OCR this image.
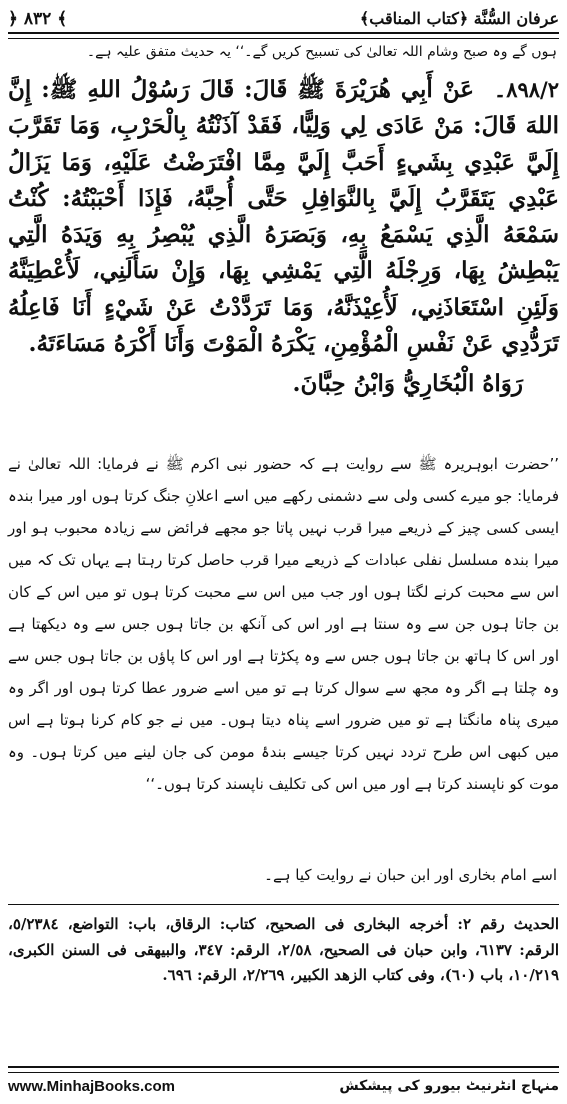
﴿ ٨٣٢ ﴾	عرفان السُّنَّة ﴿كتاب المناقب﴾
ہوں گے وہ صبح وشام اللہ تعالیٰ کی تسبیح کریں گے۔‘‘ یہ حدیث متفق علیہ ہے۔
٨٩٨/٢۔ عَنْ أَبِي هُرَيْرَةَ ﷺ قَالَ: قَالَ رَسُوْلُ اللهِ ﷺ: إِنَّ اللهَ قَالَ: مَنْ عَادَى لِي وَلِيًّا، فَقَدْ آذَنْتُهُ بِالْحَرْبِ، وَمَا تَقَرَّبَ إِلَيَّ عَبْدِي بِشَيءٍ أَحَبَّ إِلَيَّ مِمَّا افْتَرَضْتُ عَلَيْهِ، وَمَا يَزَالُ عَبْدِي يَتَقَرَّبُ إِلَيَّ بِالنَّوَافِلِ حَتَّى أُحِبَّهُ، فَإِذَا أَحْبَبْتُهُ: كُنْتُ سَمْعَهُ الَّذِي يَسْمَعُ بِهِ، وَبَصَرَهُ الَّذِي يُبْصِرُ بِهِ وَيَدَهُ الَّتِي يَبْطِشُ بِهَا، وَرِجْلَهُ الَّتِي يَمْشِي بِهَا، وَإِنْ سَأَلَنِي، لَأُعْطِيَنَّهُ وَلَئِنِ اسْتَعَاذَنِي، لَأُعِيْذَنَّهُ، وَمَا تَرَدَّدْتُ عَنْ شَيْءٍ أَنَا فَاعِلُهُ تَرَدُّدِي عَنْ نَفْسِ الْمُؤْمِنِ، يَكْرَهُ الْمَوْتَ وَأَنَا أَكْرَهُ مَسَاءَتَهُ.
رَوَاهُ الْبُخَارِيُّ وَابْنُ حِبَّانَ.
’’حضرت ابوہریرہ ﷺ سے روایت ہے کہ حضور نبی اکرم ﷺ نے فرمایا: اللہ تعالیٰ نے فرمایا: جو میرے کسی ولی سے دشمنی رکھے میں اسے اعلانِ جنگ کرتا ہوں اور میرا بندہ ایسی کسی چیز کے ذریعے میرا قرب نہیں پاتا جو مجھے فرائض سے زیادہ محبوب ہو اور میرا بندہ مسلسل نفلی عبادات کے ذریعے میرا قرب حاصل کرتا رہتا ہے یہاں تک کہ میں اس سے محبت کرنے لگتا ہوں اور جب میں اس سے محبت کرتا ہوں تو میں اس کے کان بن جاتا ہوں جن سے وہ سنتا ہے اور اس کی آنکھ بن جاتا ہوں جس سے وہ دیکھتا ہے اور اس کا ہاتھ بن جاتا ہوں جس سے وہ پکڑتا ہے اور اس کا پاؤں بن جاتا ہوں جس سے وہ چلتا ہے اگر وہ مجھ سے سوال کرتا ہے تو میں اسے ضرور عطا کرتا ہوں اور اگر وہ میری پناہ مانگتا ہے تو میں ضرور اسے پناہ دیتا ہوں۔ میں نے جو کام کرنا ہوتا ہے اس میں کبھی اس طرح تردد نہیں کرتا جیسے بندۂ مومن کی جان لینے میں کرتا ہوں۔ وہ موت کو ناپسند کرتا ہے اور میں اس کی تکلیف ناپسند کرتا ہوں۔‘‘
اسے امام بخاری اور ابن حبان نے روایت کیا ہے۔
الحديث رقم ٢: أخرجه البخاری فی الصحیح، کتاب: الرقاق، باب: التواضع، ٥/٢٣٨٤، الرقم: ٦١٣٧، وابن حبان فی الصحیح، ٢/٥٨، الرقم: ٣٤٧، والبیهقی فی السنن الکبری، ١٠/٢١٩، باب (٦٠)، وفی کتاب الزهد الکبیر، ٢/٢٦٩، الرقم: ٦٩٦.
www.MinhajBooks.com	منہاج انٹرنیٹ بیورو کی پیشکش
